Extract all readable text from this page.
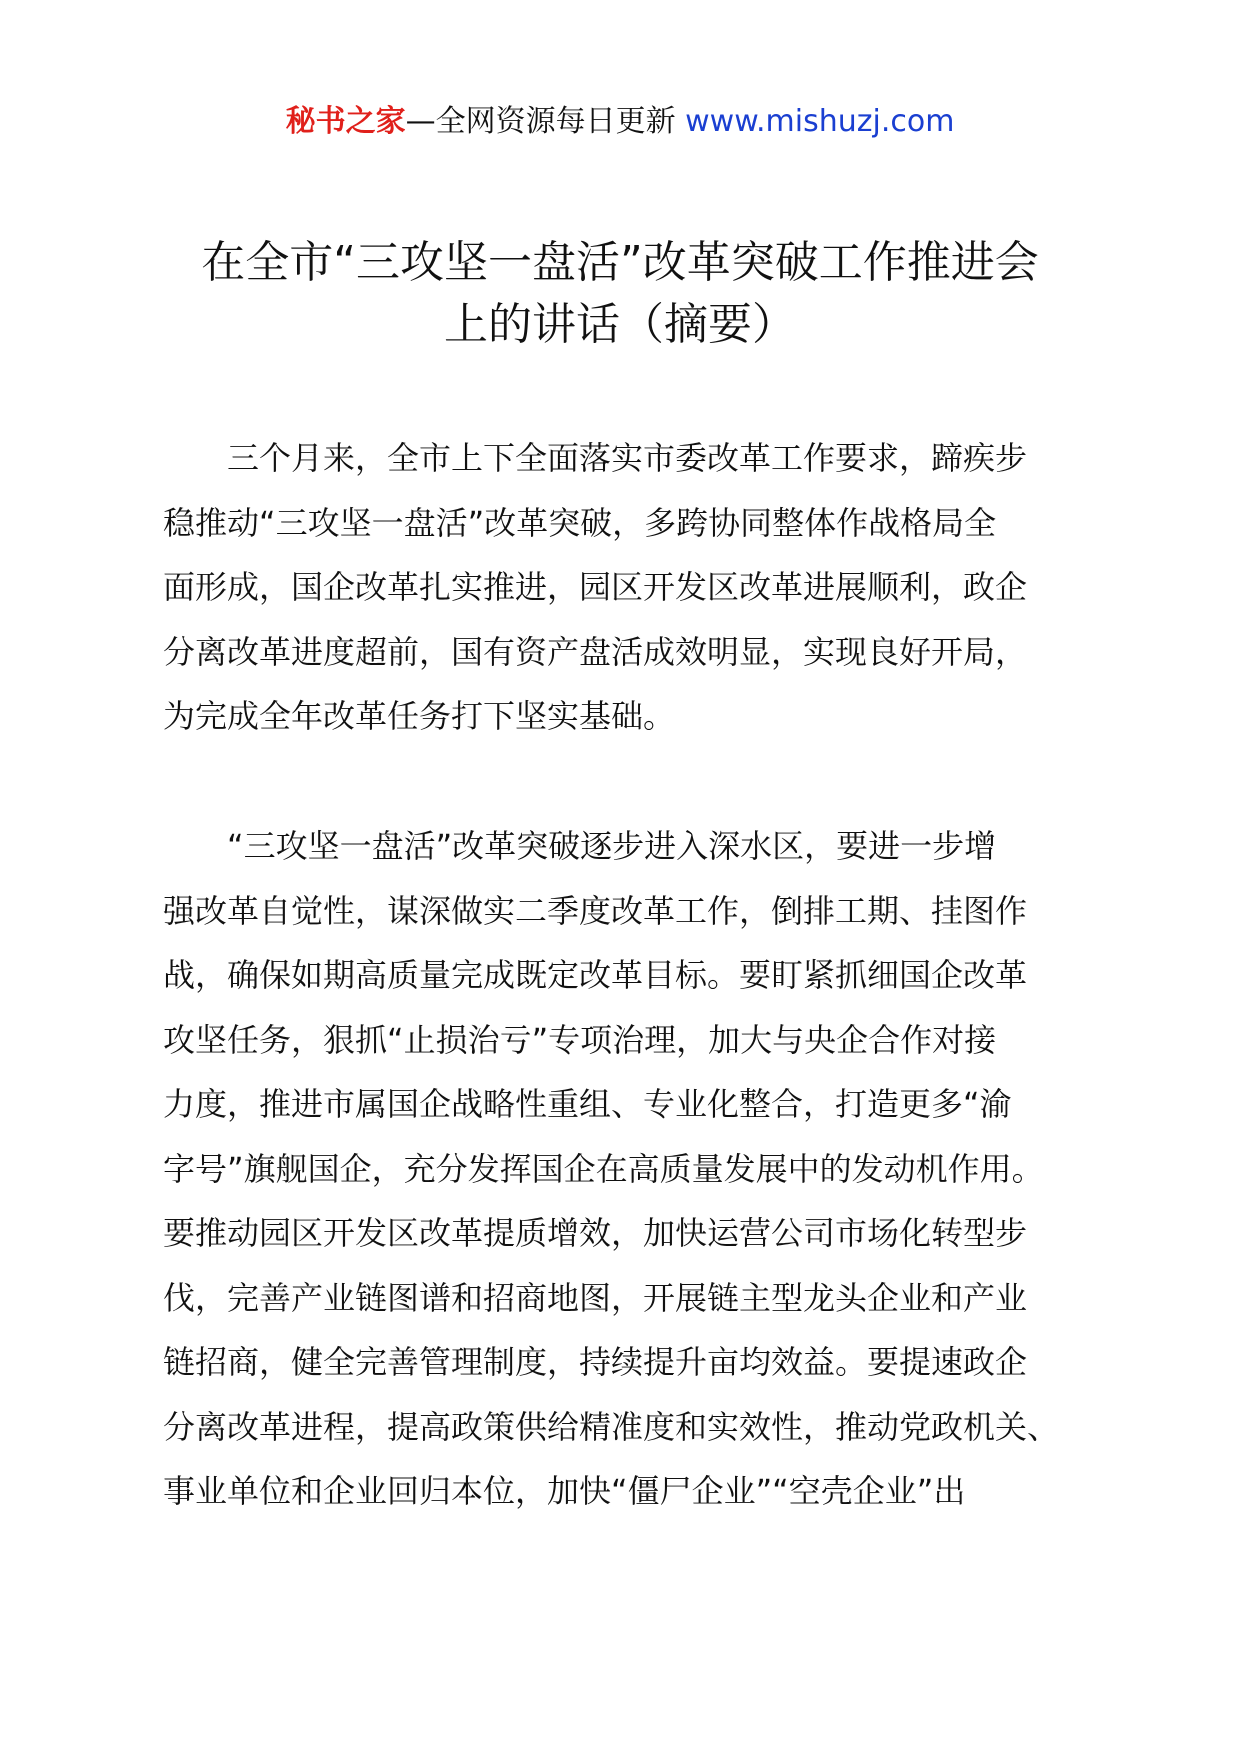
秘书之家—全网资源每日更新 www.mishuzj.com
在全市“三攻坚一盘活”改革突破工作推进会
上的讲话（摘要）
　　三个月来，全市上下全面落实市委改革工作要求，蹄疾步
稳推动“三攻坚一盘活”改革突破，多跨协同整体作战格局全
面形成，国企改革扎实推进，园区开发区改革进展顺利，政企
分离改革进度超前，国有资产盘活成效明显，实现良好开局，
为完成全年改革任务打下坚实基础。
　　“三攻坚一盘活”改革突破逐步进入深水区，要进一步增
强改革自觉性，谋深做实二季度改革工作，倒排工期、挂图作
战，确保如期高质量完成既定改革目标。要盯紧抓细国企改革
攻坚任务，狠抓“止损治亏”专项治理，加大与央企合作对接
力度，推进市属国企战略性重组、专业化整合，打造更多“渝
字号”旗舰国企，充分发挥国企在高质量发展中的发动机作用。
要推动园区开发区改革提质增效，加快运营公司市场化转型步
伐，完善产业链图谱和招商地图，开展链主型龙头企业和产业
链招商，健全完善管理制度，持续提升亩均效益。要提速政企
分离改革进程，提高政策供给精准度和实效性，推动党政机关、
事业单位和企业回归本位，加快“僵尸企业”“空壳企业”出
